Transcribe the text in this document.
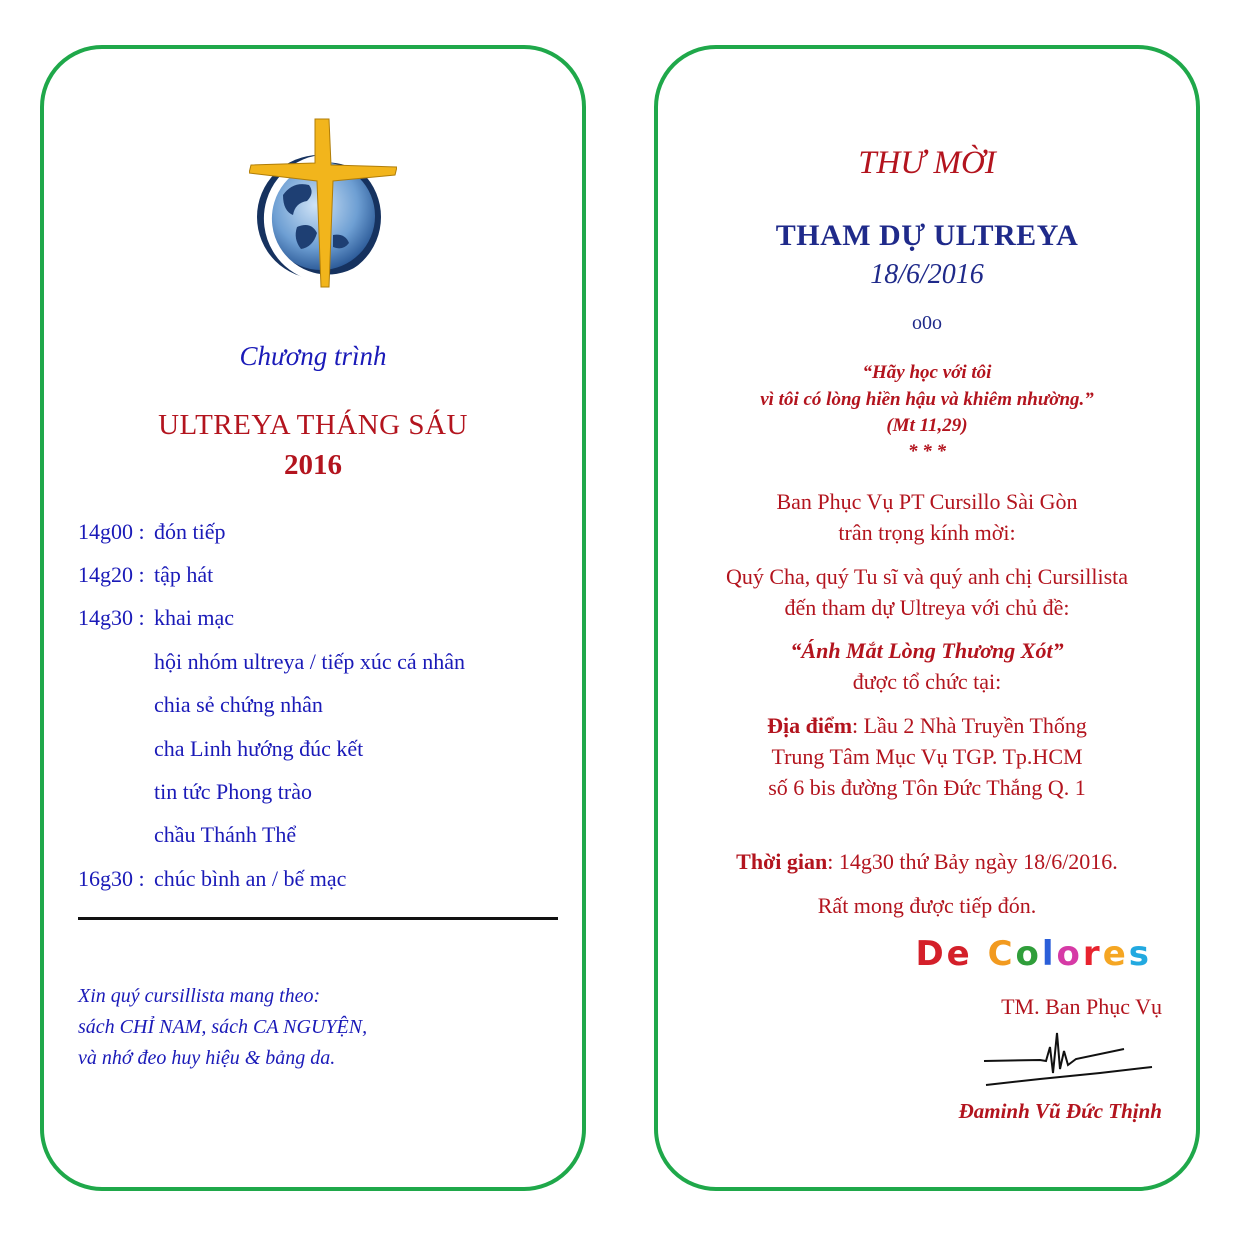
Chương trình
ULTREYA THÁNG SÁU
2016
14g00 : đón tiếp
14g20 : tập hát
14g30 : khai mạc
hội nhóm ultreya / tiếp xúc cá nhân
chia sẻ chứng nhân
cha Linh hướng đúc kết
tin tức Phong trào
chầu Thánh Thể
16g30 : chúc bình an / bế mạc
Xin quý cursillista mang theo:
sách CHỈ NAM, sách CA NGUYỆN,
và nhớ đeo huy hiệu & bảng da.
THƯ MỜI
THAM DỰ ULTREYA
18/6/2016
o0o
“Hãy học với tôi
vì tôi có lòng hiền hậu và khiêm nhường.”
(Mt 11,29)
* * *
Ban Phục Vụ PT Cursillo Sài Gòn
trân trọng kính mời:
Quý Cha, quý Tu sĩ và quý anh chị Cursillista
đến tham dự Ultreya với chủ đề:
“Ánh Mắt Lòng Thương Xót”
được tổ chức tại:
Địa điểm: Lầu 2 Nhà Truyền Thống
Trung Tâm Mục Vụ TGP. Tp.HCM
số 6 bis đường Tôn Đức Thắng Q. 1
Thời gian: 14g30 thứ Bảy ngày 18/6/2016.
Rất mong được tiếp đón.
De Colores
TM. Ban Phục Vụ
Đaminh Vũ Đức Thịnh
